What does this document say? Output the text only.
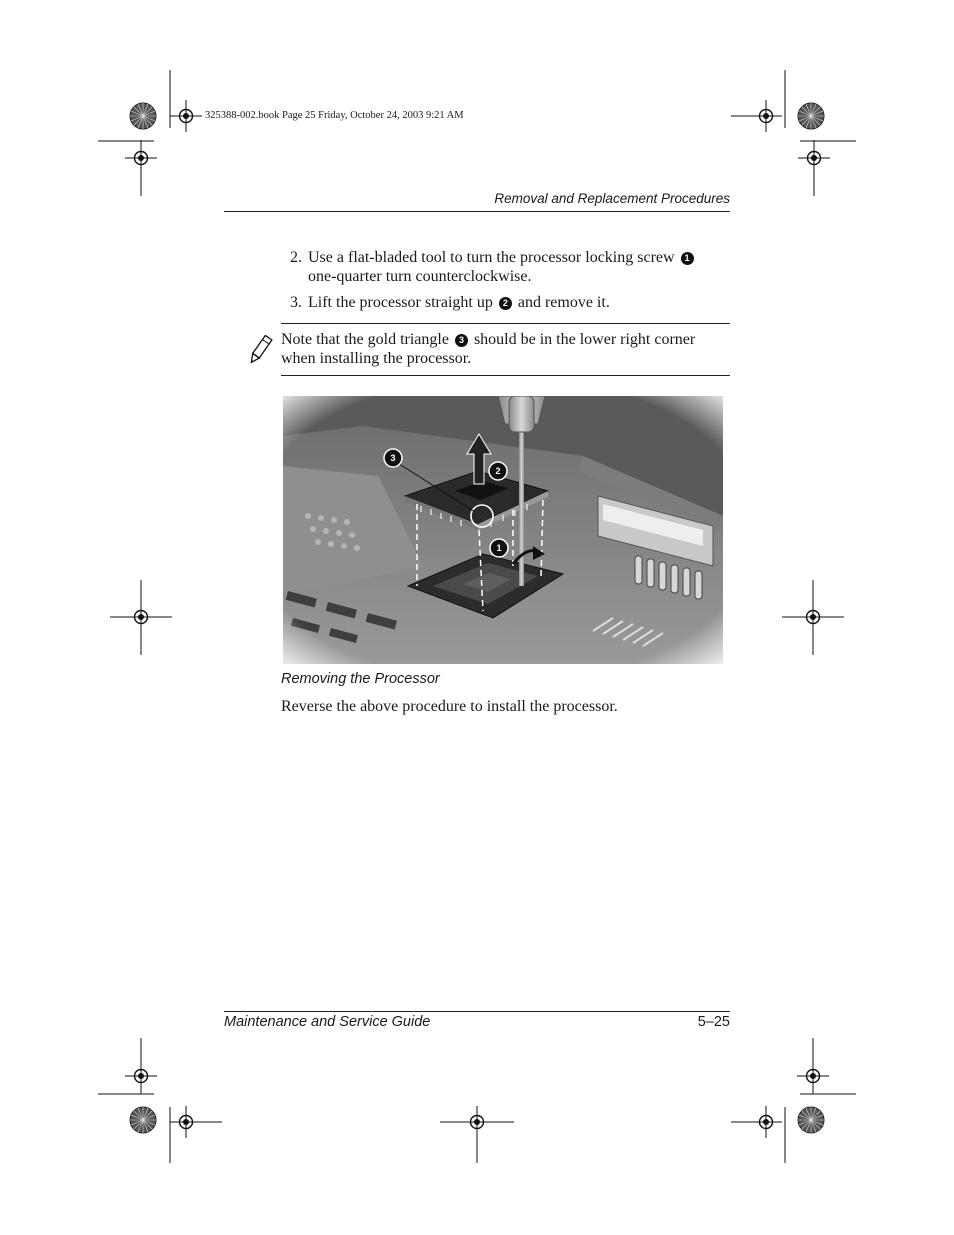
325388-002.book Page 25 Friday, October 24, 2003 9:21 AM
Removal and Replacement Procedures
2. Use a flat-bladed tool to turn the processor locking screw 1
one-quarter turn counterclockwise.
3. Lift the processor straight up 2 and remove it.
Note that the gold triangle 3 should be in the lower right corner when installing the processor.
Removing the Processor
Reverse the above procedure to install the processor.
Maintenance and Service Guide	5–25
